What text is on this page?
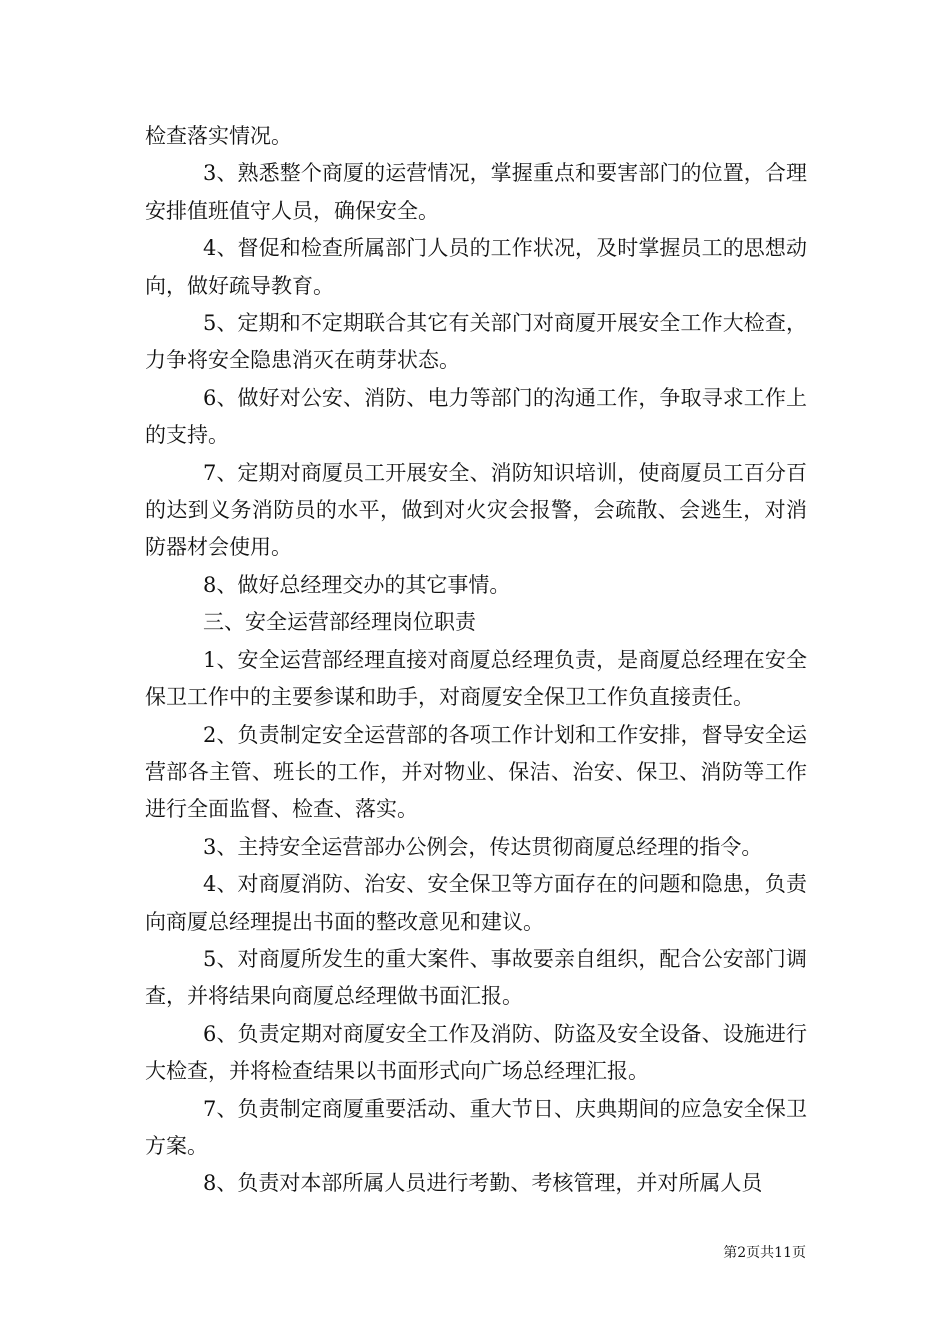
检查落实情况。

3、熟悉整个商厦的运营情况，掌握重点和要害部门的位置，合理安排值班值守人员，确保安全。

4、督促和检查所属部门人员的工作状况，及时掌握员工的思想动向，做好疏导教育。

5、定期和不定期联合其它有关部门对商厦开展安全工作大检查，力争将安全隐患消灭在萌芽状态。

6、做好对公安、消防、电力等部门的沟通工作，争取寻求工作上的支持。

7、定期对商厦员工开展安全、消防知识培训，使商厦员工百分百的达到义务消防员的水平，做到对火灾会报警，会疏散、会逃生，对消防器材会使用。

8、做好总经理交办的其它事情。

三、安全运营部经理岗位职责

1、安全运营部经理直接对商厦总经理负责，是商厦总经理在安全保卫工作中的主要参谋和助手，对商厦安全保卫工作负直接责任。

2、负责制定安全运营部的各项工作计划和工作安排，督导安全运营部各主管、班长的工作，并对物业、保洁、治安、保卫、消防等工作进行全面监督、检查、落实。

3、主持安全运营部办公例会，传达贯彻商厦总经理的指令。

4、对商厦消防、治安、安全保卫等方面存在的问题和隐患，负责向商厦总经理提出书面的整改意见和建议。

5、对商厦所发生的重大案件、事故要亲自组织，配合公安部门调查，并将结果向商厦总经理做书面汇报。

6、负责定期对商厦安全工作及消防、防盗及安全设备、设施进行大检查，并将检查结果以书面形式向广场总经理汇报。

7、负责制定商厦重要活动、重大节日、庆典期间的应急安全保卫方案。

8、负责对本部所属人员进行考勤、考核管理，并对所属人员

第2页共11页
